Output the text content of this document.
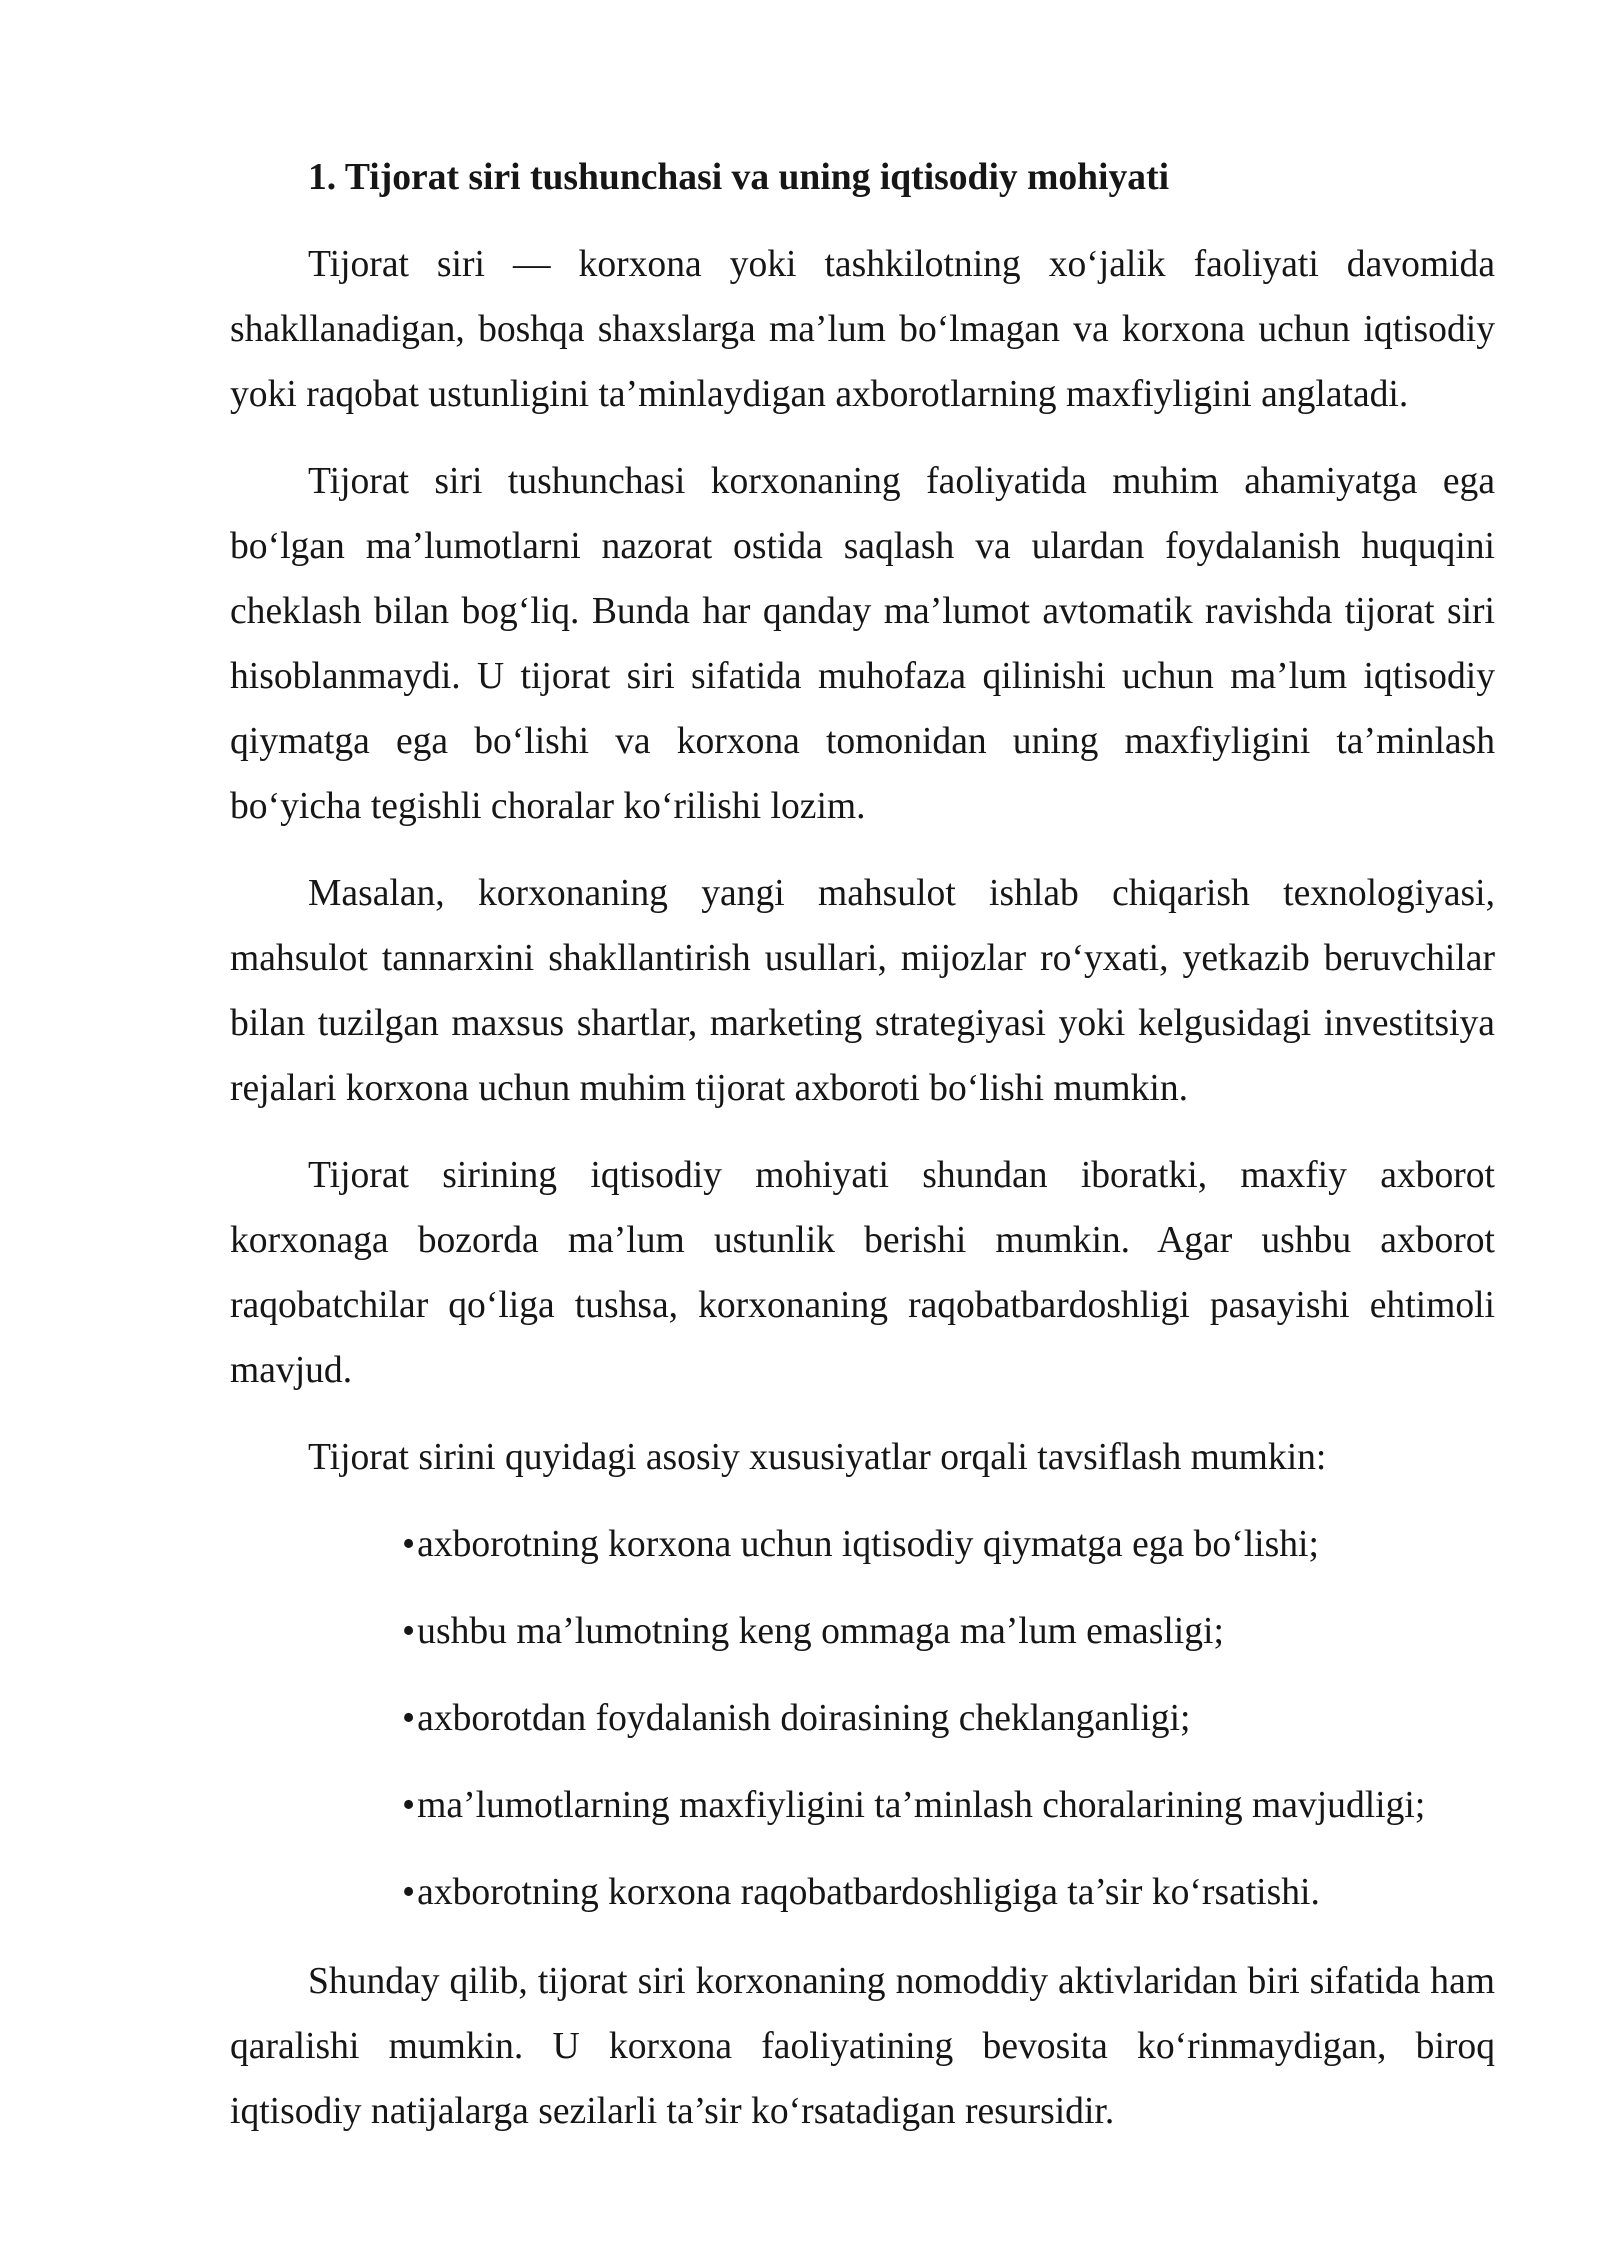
1. Tijorat siri tushunchasi va uning iqtisodiy mohiyati

Tijorat siri — korxona yoki tashkilotning xo‘jalik faoliyati davomida shakllanadigan, boshqa shaxslarga ma’lum bo‘lmagan va korxona uchun iqtisodiy yoki raqobat ustunligini ta’minlaydigan axborotlarning maxfiyligini anglatadi.

Tijorat siri tushunchasi korxonaning faoliyatida muhim ahamiyatga ega bo‘lgan ma’lumotlarni nazorat ostida saqlash va ulardan foydalanish huquqini cheklash bilan bog‘liq. Bunda har qanday ma’lumot avtomatik ravishda tijorat siri hisoblanmaydi. U tijorat siri sifatida muhofaza qilinishi uchun ma’lum iqtisodiy qiymatga ega bo‘lishi va korxona tomonidan uning maxfiyligini ta’minlash bo‘yicha tegishli choralar ko‘rilishi lozim.

Masalan, korxonaning yangi mahsulot ishlab chiqarish texnologiyasi, mahsulot tannarxini shakllantirish usullari, mijozlar ro‘yxati, yetkazib beruvchilar bilan tuzilgan maxsus shartlar, marketing strategiyasi yoki kelgusidagi investitsiya rejalari korxona uchun muhim tijorat axboroti bo‘lishi mumkin.

Tijorat sirining iqtisodiy mohiyati shundan iboratki, maxfiy axborot korxonaga bozorda ma’lum ustunlik berishi mumkin. Agar ushbu axborot raqobatchilar qo‘liga tushsa, korxonaning raqobatbardoshligi pasayishi ehtimoli mavjud.

Tijorat sirini quyidagi asosiy xususiyatlar orqali tavsiflash mumkin:

•axborotning korxona uchun iqtisodiy qiymatga ega bo‘lishi;
•ushbu ma’lumotning keng ommaga ma’lum emasligi;
•axborotdan foydalanish doirasining cheklanganligi;
•ma’lumotlarning maxfiyligini ta’minlash choralarining mavjudligi;
•axborotning korxona raqobatbardoshligiga ta’sir ko‘rsatishi.

Shunday qilib, tijorat siri korxonaning nomoddiy aktivlaridan biri sifatida ham qaralishi mumkin. U korxona faoliyatining bevosita ko‘rinmaydigan, biroq iqtisodiy natijalarga sezilarli ta’sir ko‘rsatadigan resursidir.
